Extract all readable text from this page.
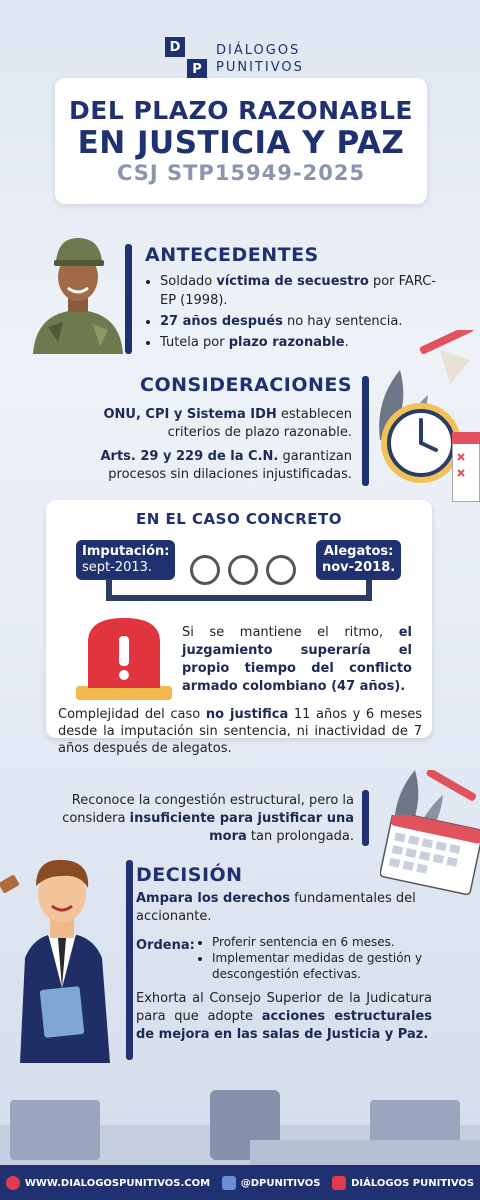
D
P
DIÁLOGOS
PUNITIVOS
DEL PLAZO RAZONABLE
EN JUSTICIA Y PAZ
CSJ STP15949-2025
ANTECEDENTES
• Soldado víctima de secuestro por FARC-EP (1998).
• 27 años después no hay sentencia.
• Tutela por plazo razonable.
CONSIDERACIONES
ONU, CPI y Sistema IDH establecen criterios de plazo razonable.
Arts. 29 y 229 de la C.N. garantizan procesos sin dilaciones injustificadas.
EN EL CASO CONCRETO
Imputación:
sept-2013.
Alegatos:
nov-2018.
Si se mantiene el ritmo, el juzgamiento superaría el propio tiempo del conflicto armado colombiano (47 años).
Complejidad del caso no justifica 11 años y 6 meses desde la imputación sin sentencia, ni inactividad de 7 años después de alegatos.
Reconoce la congestión estructural, pero la considera insuficiente para justificar una mora tan prolongada.
DECISIÓN
Ampara los derechos fundamentales del accionante.
Ordena:
• Proferir sentencia en 6 meses.
• Implementar medidas de gestión y descongestión efectivas.
Exhorta al Consejo Superior de la Judicatura para que adopte acciones estructurales de mejora en las salas de Justicia y Paz.
WWW.DIALOGOSPUNITIVOS.COM	@DPUNITIVOS	DIÁLOGOS PUNITIVOS
